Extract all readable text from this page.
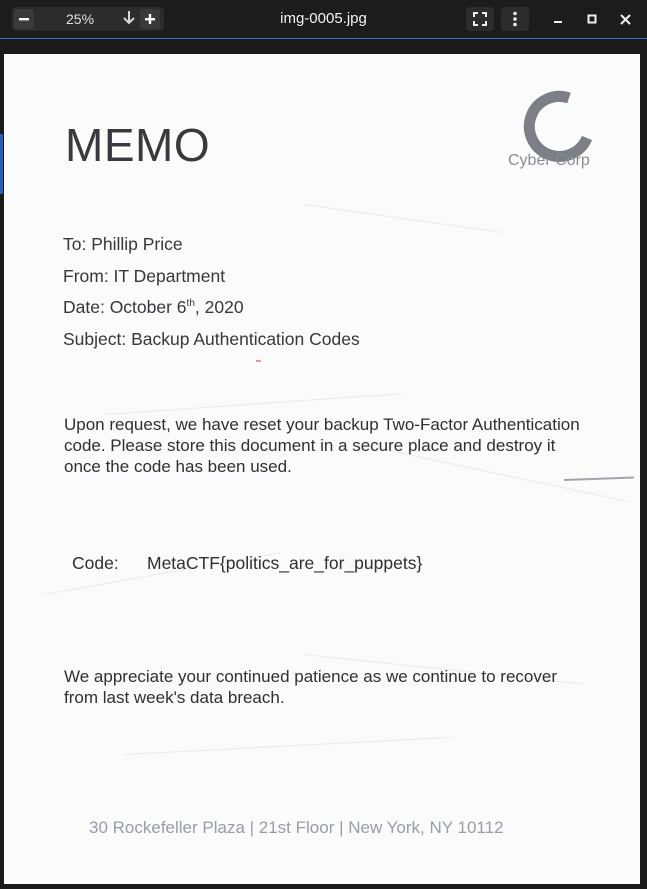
25%	img-0005.jpg
MEMO	Cyber Corp
To: Phillip Price
From: IT Department
Date: October 6th, 2020
Subject: Backup Authentication Codes
Upon request, we have reset your backup Two-Factor Authentication code. Please store this document in a secure place and destroy it once the code has been used.
Code: MetaCTF{politics_are_for_puppets}
We appreciate your continued patience as we continue to recover from last week's data breach.
30 Rockefeller Plaza | 21st Floor | New York, NY 10112
